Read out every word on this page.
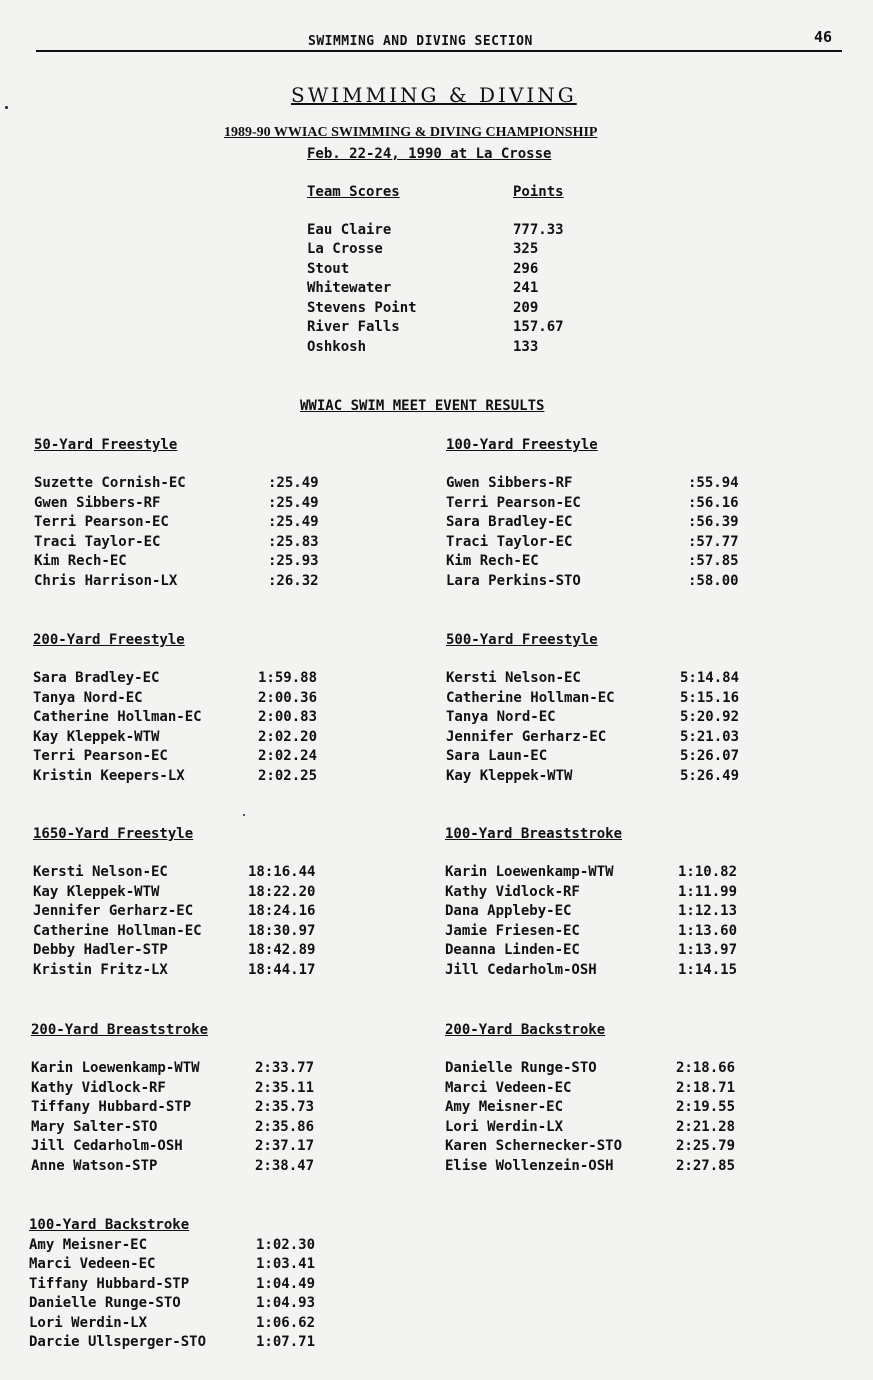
SWIMMING AND DIVING SECTION	46
SWIMMING & DIVING
1989-90 WWIAC SWIMMING & DIVING CHAMPIONSHIP
Feb. 22-24, 1990 at La Crosse
Team Scores	Points
Eau Claire	777.33
La Crosse	325
Stout	296
Whitewater	241
Stevens Point	209
River Falls	157.67
Oshkosh	133
WWIAC SWIM MEET EVENT RESULTS
50-Yard Freestyle
Suzette Cornish-EC	:25.49
Gwen Sibbers-RF	:25.49
Terri Pearson-EC	:25.49
Traci Taylor-EC	:25.83
Kim Rech-EC	:25.93
Chris Harrison-LX	:26.32
100-Yard Freestyle
Gwen Sibbers-RF	:55.94
Terri Pearson-EC	:56.16
Sara Bradley-EC	:56.39
Traci Taylor-EC	:57.77
Kim Rech-EC	:57.85
Lara Perkins-STO	:58.00
200-Yard Freestyle
Sara Bradley-EC	1:59.88
Tanya Nord-EC	2:00.36
Catherine Hollman-EC	2:00.83
Kay Kleppek-WTW	2:02.20
Terri Pearson-EC	2:02.24
Kristin Keepers-LX	2:02.25
500-Yard Freestyle
Kersti Nelson-EC	5:14.84
Catherine Hollman-EC	5:15.16
Tanya Nord-EC	5:20.92
Jennifer Gerharz-EC	5:21.03
Sara Laun-EC	5:26.07
Kay Kleppek-WTW	5:26.49
1650-Yard Freestyle
Kersti Nelson-EC	18:16.44
Kay Kleppek-WTW	18:22.20
Jennifer Gerharz-EC	18:24.16
Catherine Hollman-EC	18:30.97
Debby Hadler-STP	18:42.89
Kristin Fritz-LX	18:44.17
100-Yard Breaststroke
Karin Loewenkamp-WTW	1:10.82
Kathy Vidlock-RF	1:11.99
Dana Appleby-EC	1:12.13
Jamie Friesen-EC	1:13.60
Deanna Linden-EC	1:13.97
Jill Cedarholm-OSH	1:14.15
200-Yard Breaststroke
Karin Loewenkamp-WTW	2:33.77
Kathy Vidlock-RF	2:35.11
Tiffany Hubbard-STP	2:35.73
Mary Salter-STO	2:35.86
Jill Cedarholm-OSH	2:37.17
Anne Watson-STP	2:38.47
200-Yard Backstroke
Danielle Runge-STO	2:18.66
Marci Vedeen-EC	2:18.71
Amy Meisner-EC	2:19.55
Lori Werdin-LX	2:21.28
Karen Schernecker-STO	2:25.79
Elise Wollenzein-OSH	2:27.85
100-Yard Backstroke
Amy Meisner-EC	1:02.30
Marci Vedeen-EC	1:03.41
Tiffany Hubbard-STP	1:04.49
Danielle Runge-STO	1:04.93
Lori Werdin-LX	1:06.62
Darcie Ullsperger-STO	1:07.71
